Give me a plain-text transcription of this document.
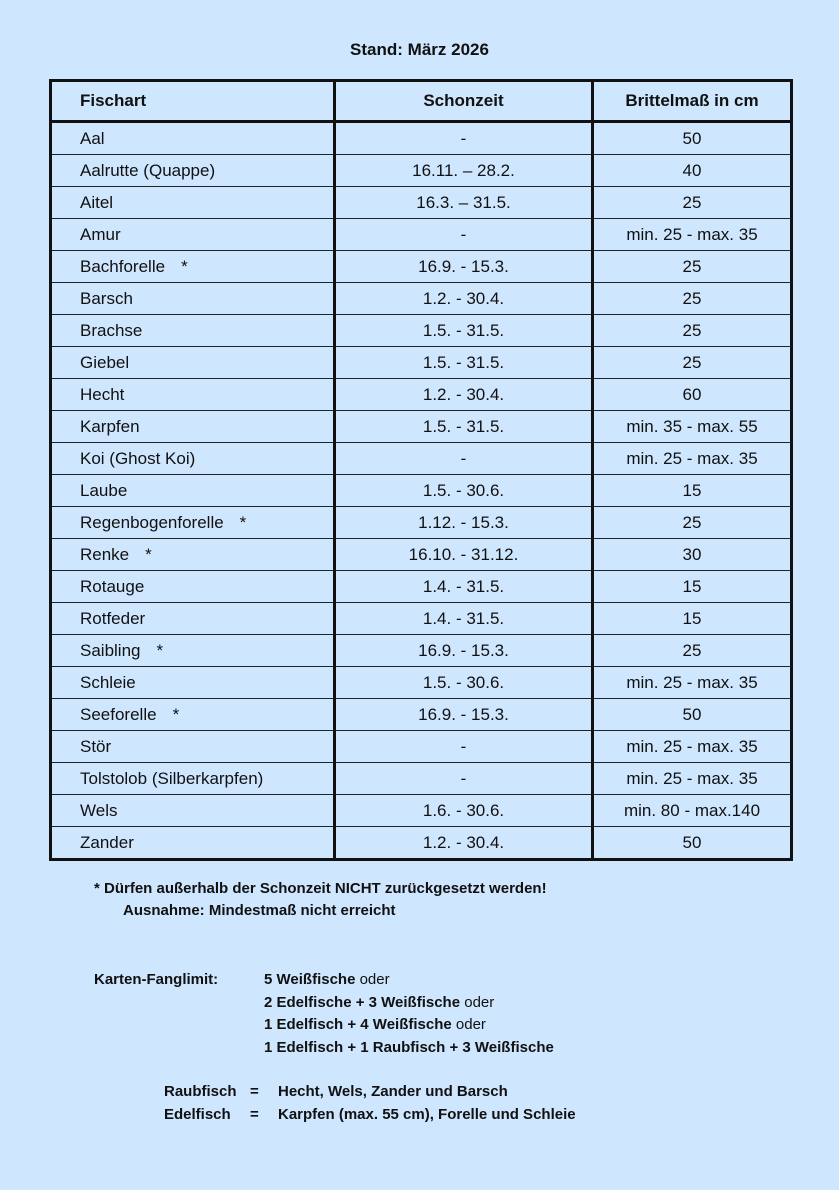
Stand: März 2026
Fischart	Schonzeit	Brittelmaß in cm
Aal	-	50
Aalrutte (Quappe)	16.11. – 28.2.	40
Aitel	16.3. – 31.5.	25
Amur	-	min. 25 - max. 35
Bachforelle *	16.9. - 15.3.	25
Barsch	1.2. - 30.4.	25
Brachse	1.5. - 31.5.	25
Giebel	1.5. - 31.5.	25
Hecht	1.2. - 30.4.	60
Karpfen	1.5. - 31.5.	min. 35 - max. 55
Koi (Ghost Koi)	-	min. 25 - max. 35
Laube	1.5. - 30.6.	15
Regenbogenforelle *	1.12. - 15.3.	25
Renke *	16.10. - 31.12.	30
Rotauge	1.4. - 31.5.	15
Rotfeder	1.4. - 31.5.	15
Saibling *	16.9. - 15.3.	25
Schleie	1.5. - 30.6.	min. 25 - max. 35
Seeforelle *	16.9. - 15.3.	50
Stör	-	min. 25 - max. 35
Tolstolob (Silberkarpfen)	-	min. 25 - max. 35
Wels	1.6. - 30.6.	min. 80 - max.140
Zander	1.2. - 30.4.	50
* Dürfen außerhalb der Schonzeit NICHT zurückgesetzt werden!
Ausnahme: Mindestmaß nicht erreicht
Karten-Fanglimit:	5 Weißfische oder
2 Edelfische + 3 Weißfische oder
1 Edelfisch + 4 Weißfische oder
1 Edelfisch + 1 Raubfisch + 3 Weißfische
Raubfisch = Hecht, Wels, Zander und Barsch
Edelfisch = Karpfen (max. 55 cm), Forelle und Schleie
